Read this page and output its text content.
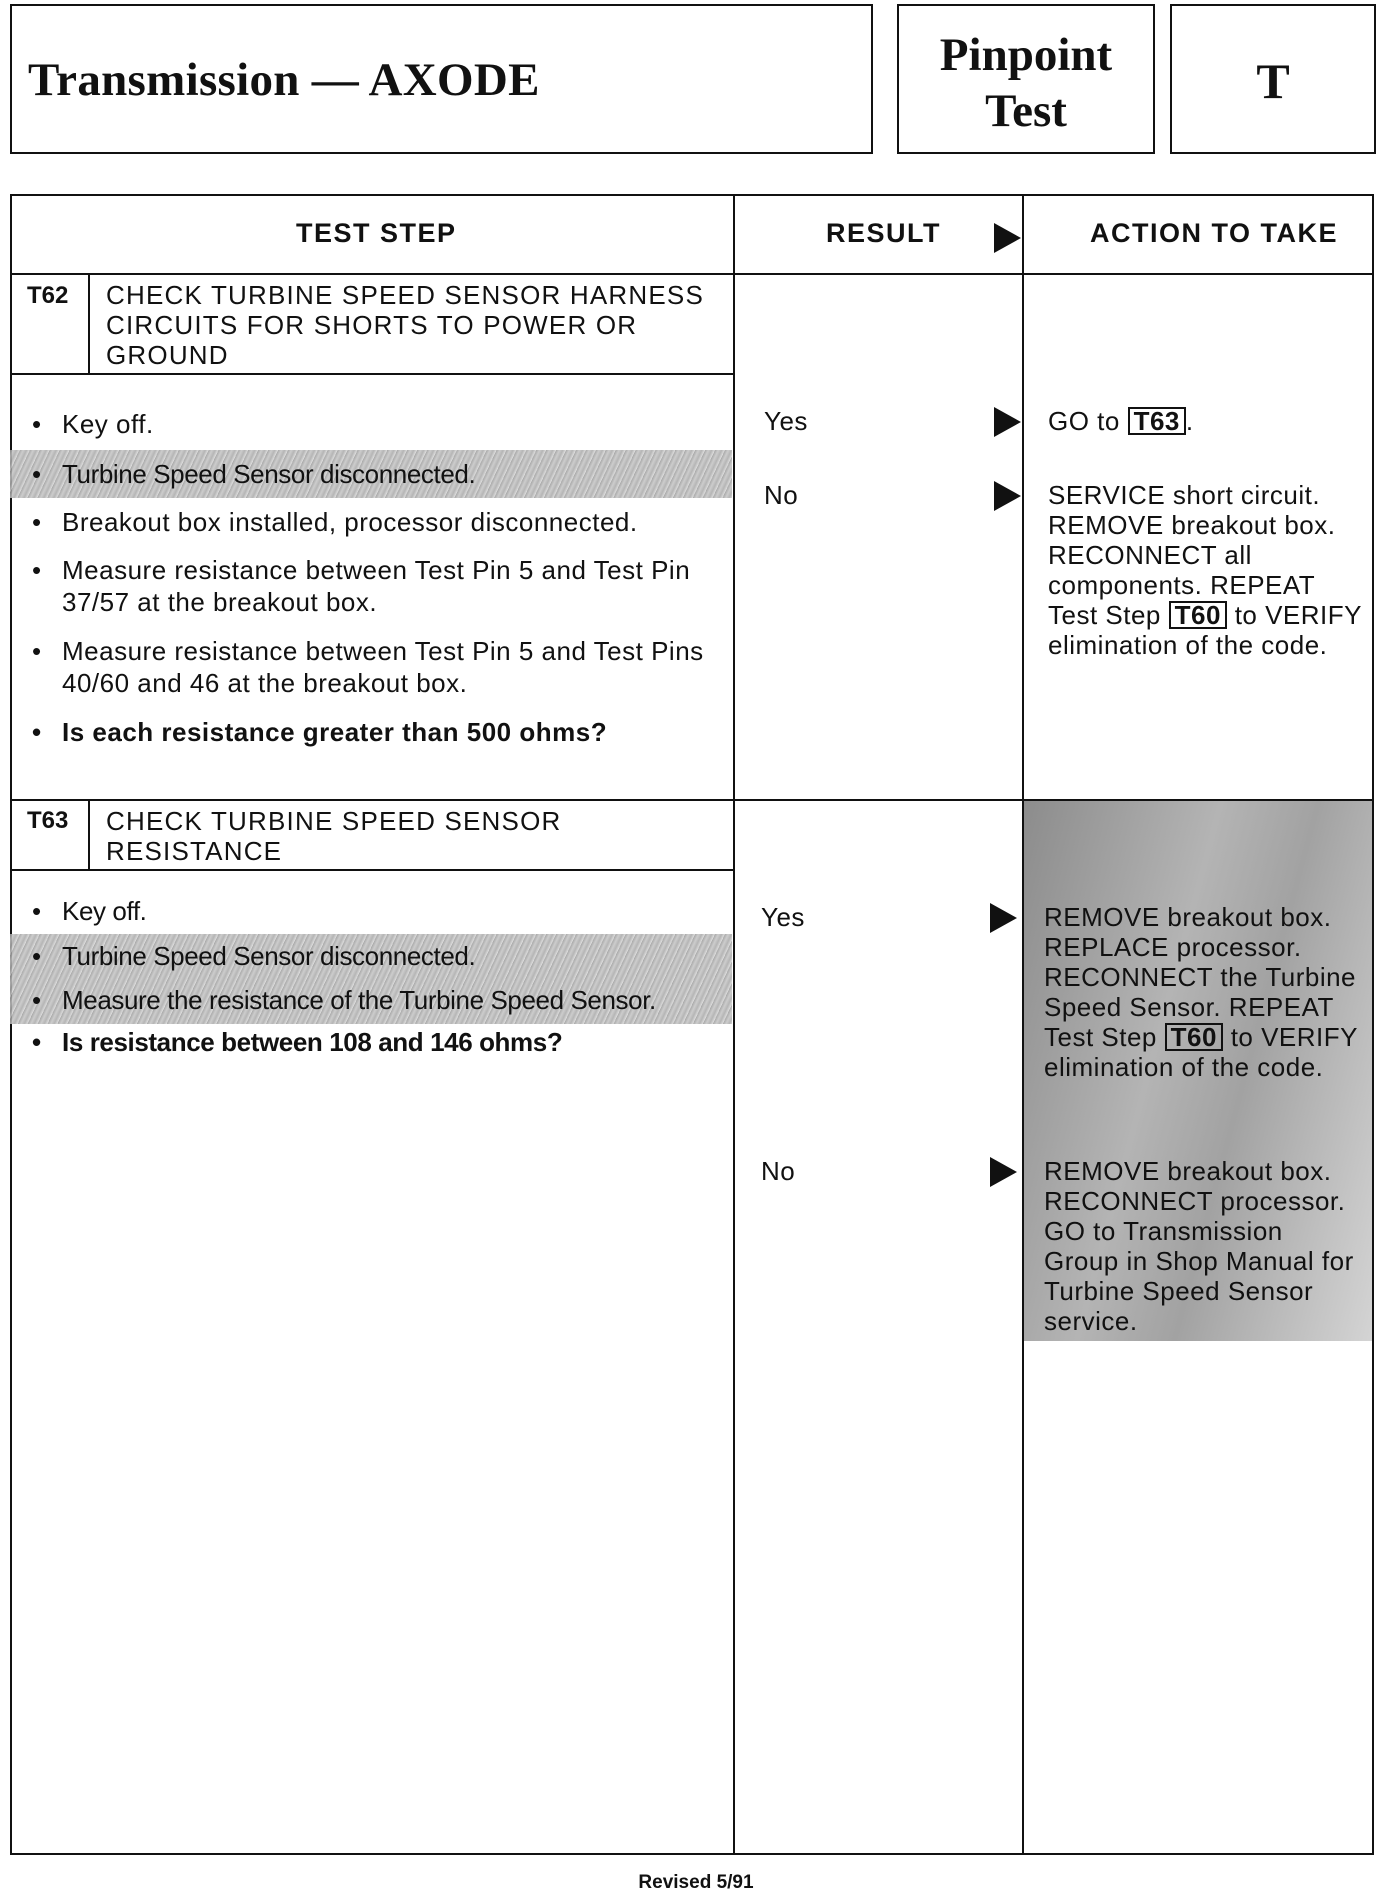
Transmission — AXODE	Pinpoint
Test
T
TEST STEP	RESULT	ACTION TO TAKE
T62 CHECK TURBINE SPEED SENSOR HARNESS
CIRCUITS FOR SHORTS TO POWER OR
GROUND
• Key off.
• Turbine Speed Sensor disconnected.
• Breakout box installed, processor disconnected.
• Measure resistance between Test Pin 5 and Test Pin 37/57 at the breakout box.
• Measure resistance between Test Pin 5 and Test Pins 40/60 and 46 at the breakout box.
• Is each resistance greater than 500 ohms?
Yes	GO to T63 .
No	SERVICE short circuit. REMOVE breakout box. RECONNECT all components. REPEAT Test Step T60 to VERIFY elimination of the code.
T63 CHECK TURBINE SPEED SENSOR
RESISTANCE
• Key off.
• Turbine Speed Sensor disconnected.
• Measure the resistance of the Turbine Speed Sensor.
• Is resistance between 108 and 146 ohms?
Yes	REMOVE breakout box. REPLACE processor. RECONNECT the Turbine Speed Sensor. REPEAT Test Step T60 to VERIFY elimination of the code.
No	REMOVE breakout box. RECONNECT processor. GO to Transmission Group in Shop Manual for Turbine Speed Sensor service.
Revised 5/91
